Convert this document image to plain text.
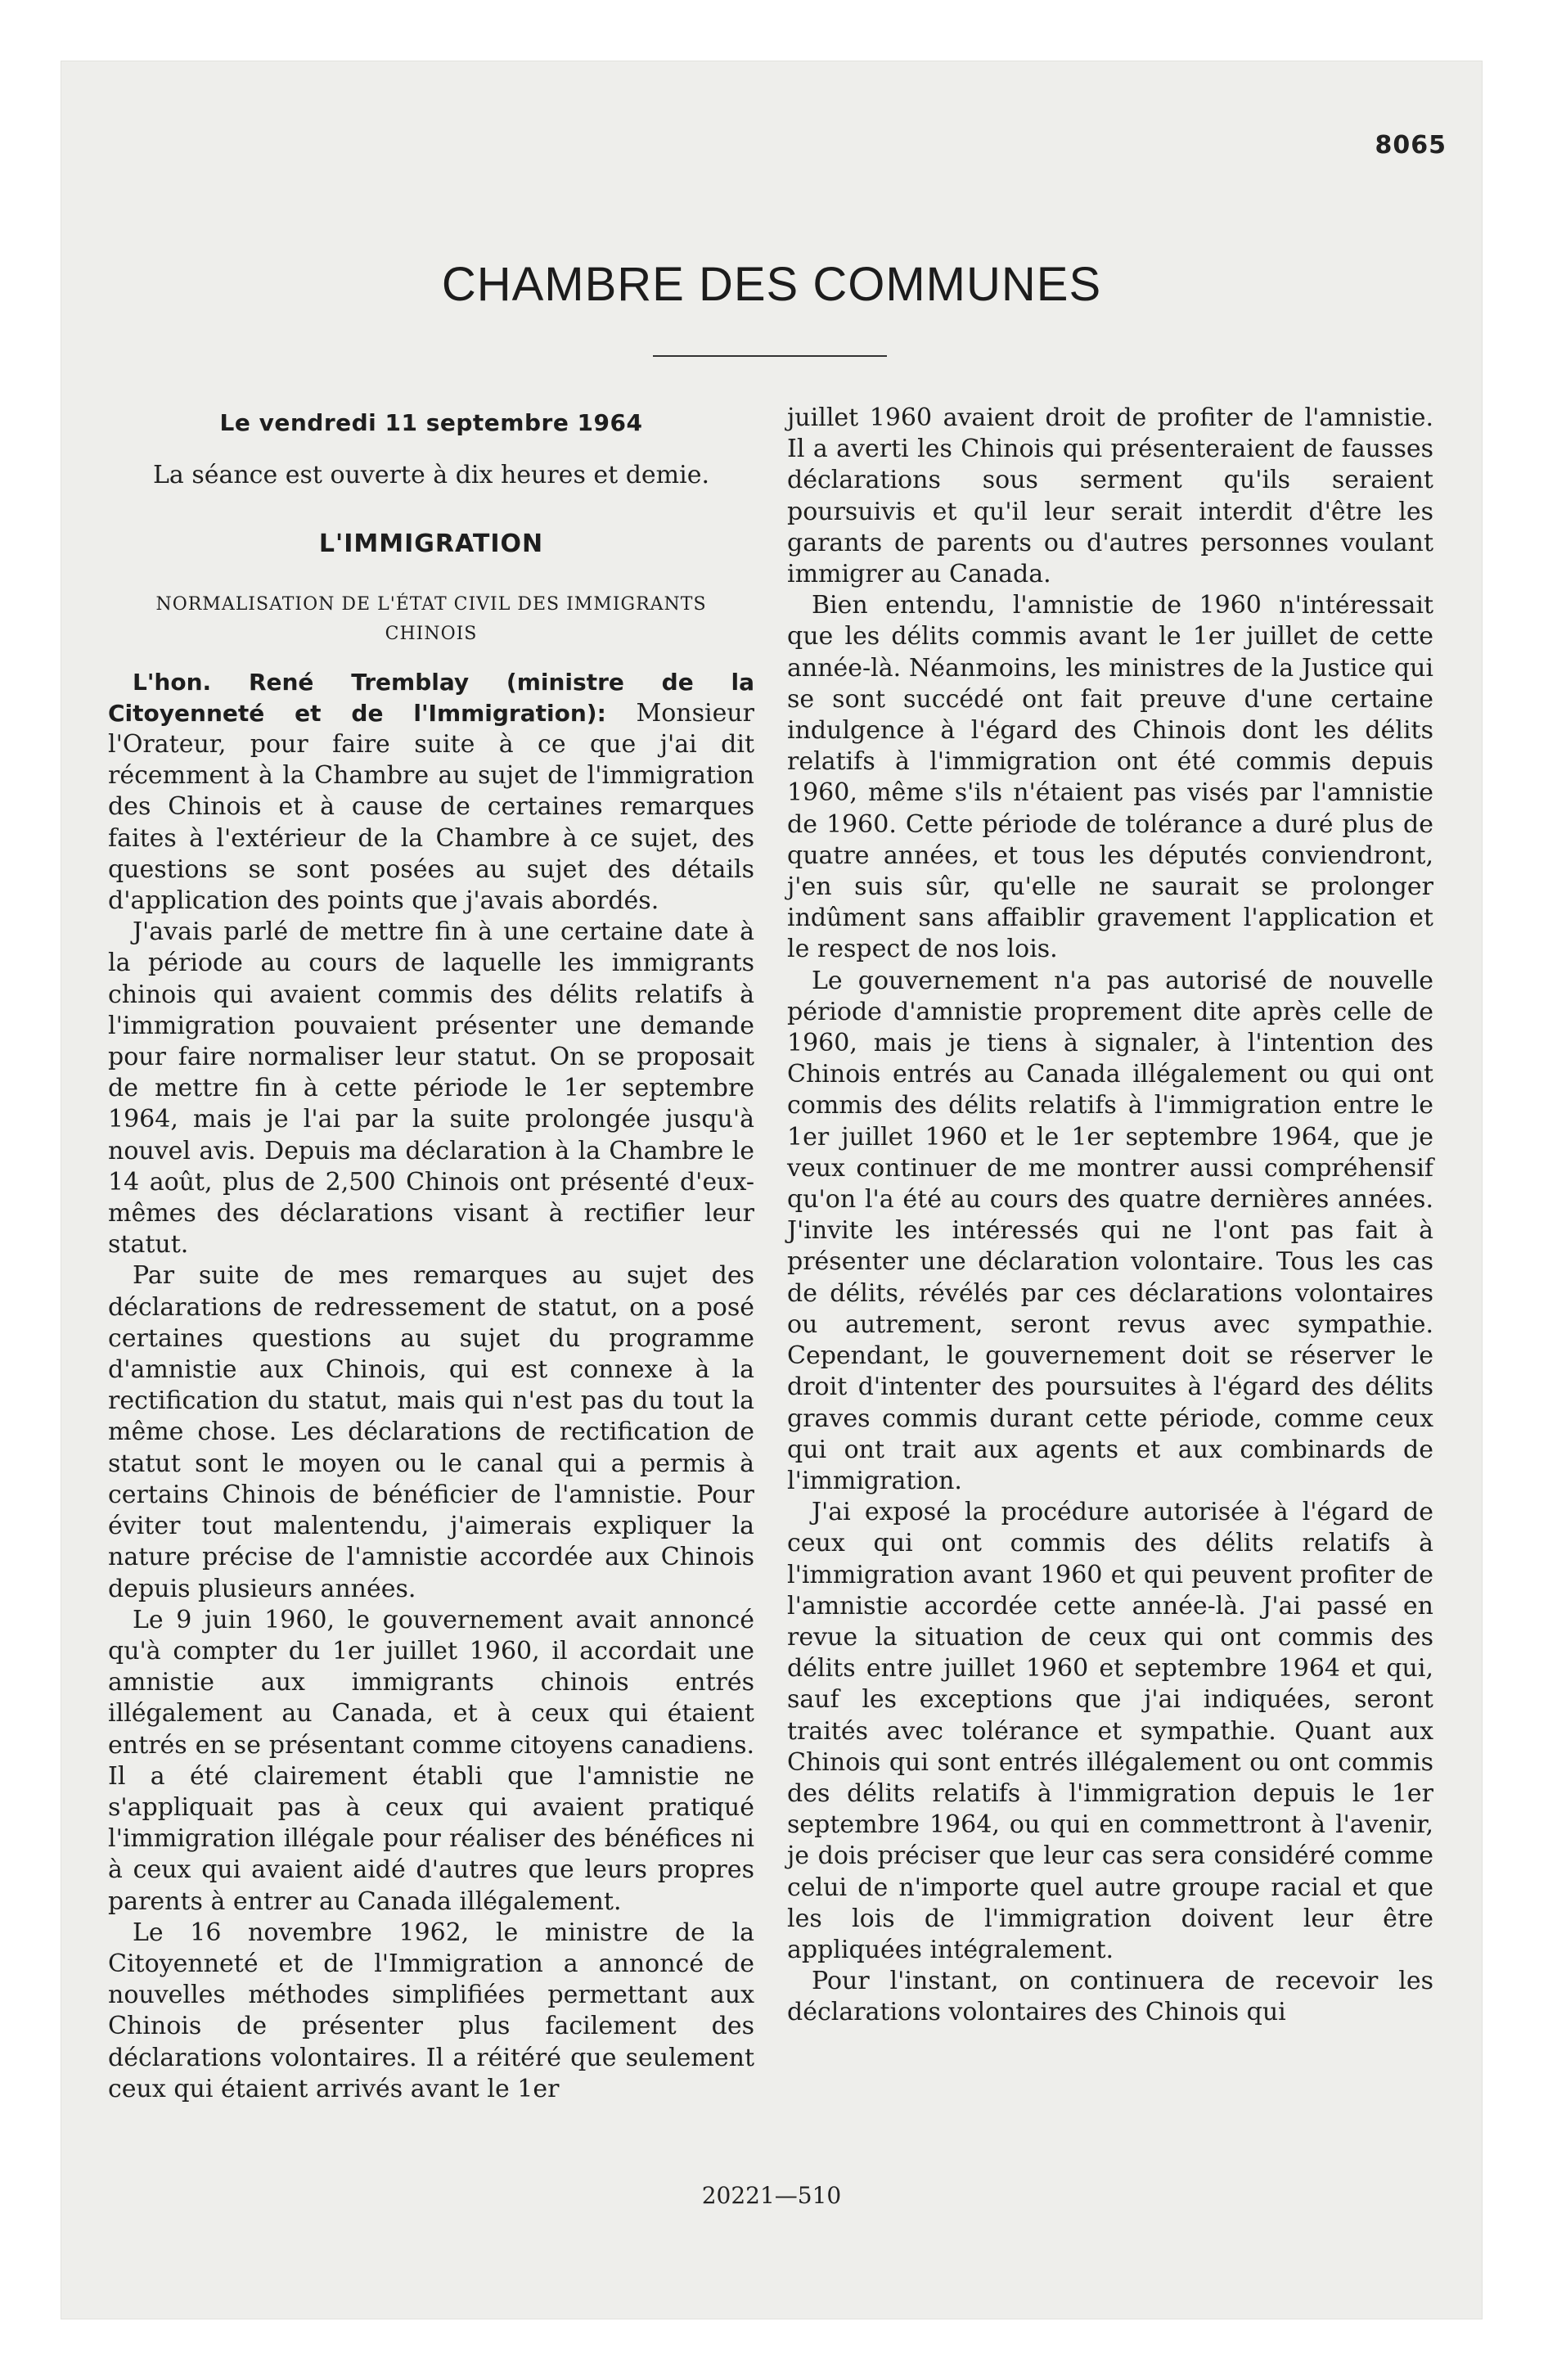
8065
CHAMBRE DES COMMUNES
Le vendredi 11 septembre 1964

La séance est ouverte à dix heures et demie.

L'IMMIGRATION
NORMALISATION DE L'ÉTAT CIVIL DES IMMIGRANTS CHINOIS

L'hon. René Tremblay (ministre de la Citoyenneté et de l'Immigration): Monsieur l'Orateur, pour faire suite à ce que j'ai dit récemment à la Chambre au sujet de l'immigration des Chinois et à cause de certaines remarques faites à l'extérieur de la Chambre à ce sujet, des questions se sont posées au sujet des détails d'application des points que j'avais abordés.

J'avais parlé de mettre fin à une certaine date à la période au cours de laquelle les immigrants chinois qui avaient commis des délits relatifs à l'immigration pouvaient présenter une demande pour faire normaliser leur statut. On se proposait de mettre fin à cette période le 1er septembre 1964, mais je l'ai par la suite prolongée jusqu'à nouvel avis. Depuis ma déclaration à la Chambre le 14 août, plus de 2,500 Chinois ont présenté d'eux-mêmes des déclarations visant à rectifier leur statut.

Par suite de mes remarques au sujet des déclarations de redressement de statut, on a posé certaines questions au sujet du programme d'amnistie aux Chinois, qui est connexe à la rectification du statut, mais qui n'est pas du tout la même chose. Les déclarations de rectification de statut sont le moyen ou le canal qui a permis à certains Chinois de bénéficier de l'amnistie. Pour éviter tout malentendu, j'aimerais expliquer la nature précise de l'amnistie accordée aux Chinois depuis plusieurs années.

Le 9 juin 1960, le gouvernement avait annoncé qu'à compter du 1er juillet 1960, il accordait une amnistie aux immigrants chinois entrés illégalement au Canada, et à ceux qui étaient entrés en se présentant comme citoyens canadiens. Il a été clairement établi que l'amnistie ne s'appliquait pas à ceux qui avaient pratiqué l'immigration illégale pour réaliser des bénéfices ni à ceux qui avaient aidé d'autres que leurs propres parents à entrer au Canada illégalement.

Le 16 novembre 1962, le ministre de la Citoyenneté et de l'Immigration a annoncé de nouvelles méthodes simplifiées permettant aux Chinois de présenter plus facilement des déclarations volontaires. Il a réitéré que seulement ceux qui étaient arrivés avant le 1er

juillet 1960 avaient droit de profiter de l'amnistie. Il a averti les Chinois qui présenteraient de fausses déclarations sous serment qu'ils seraient poursuivis et qu'il leur serait interdit d'être les garants de parents ou d'autres personnes voulant immigrer au Canada.

Bien entendu, l'amnistie de 1960 n'intéressait que les délits commis avant le 1er juillet de cette année-là. Néanmoins, les ministres de la Justice qui se sont succédé ont fait preuve d'une certaine indulgence à l'égard des Chinois dont les délits relatifs à l'immigration ont été commis depuis 1960, même s'ils n'étaient pas visés par l'amnistie de 1960. Cette période de tolérance a duré plus de quatre années, et tous les députés conviendront, j'en suis sûr, qu'elle ne saurait se prolonger indûment sans affaiblir gravement l'application et le respect de nos lois.

Le gouvernement n'a pas autorisé de nouvelle période d'amnistie proprement dite après celle de 1960, mais je tiens à signaler, à l'intention des Chinois entrés au Canada illégalement ou qui ont commis des délits relatifs à l'immigration entre le 1er juillet 1960 et le 1er septembre 1964, que je veux continuer de me montrer aussi compréhensif qu'on l'a été au cours des quatre dernières années. J'invite les intéressés qui ne l'ont pas fait à présenter une déclaration volontaire. Tous les cas de délits, révélés par ces déclarations volontaires ou autrement, seront revus avec sympathie. Cependant, le gouvernement doit se réserver le droit d'intenter des poursuites à l'égard des délits graves commis durant cette période, comme ceux qui ont trait aux agents et aux combinards de l'immigration.

J'ai exposé la procédure autorisée à l'égard de ceux qui ont commis des délits relatifs à l'immigration avant 1960 et qui peuvent profiter de l'amnistie accordée cette année-là. J'ai passé en revue la situation de ceux qui ont commis des délits entre juillet 1960 et septembre 1964 et qui, sauf les exceptions que j'ai indiquées, seront traités avec tolérance et sympathie. Quant aux Chinois qui sont entrés illégalement ou ont commis des délits relatifs à l'immigration depuis le 1er septembre 1964, ou qui en commettront à l'avenir, je dois préciser que leur cas sera considéré comme celui de n'importe quel autre groupe racial et que les lois de l'immigration doivent leur être appliquées intégralement.

Pour l'instant, on continuera de recevoir les déclarations volontaires des Chinois qui

20221—510
